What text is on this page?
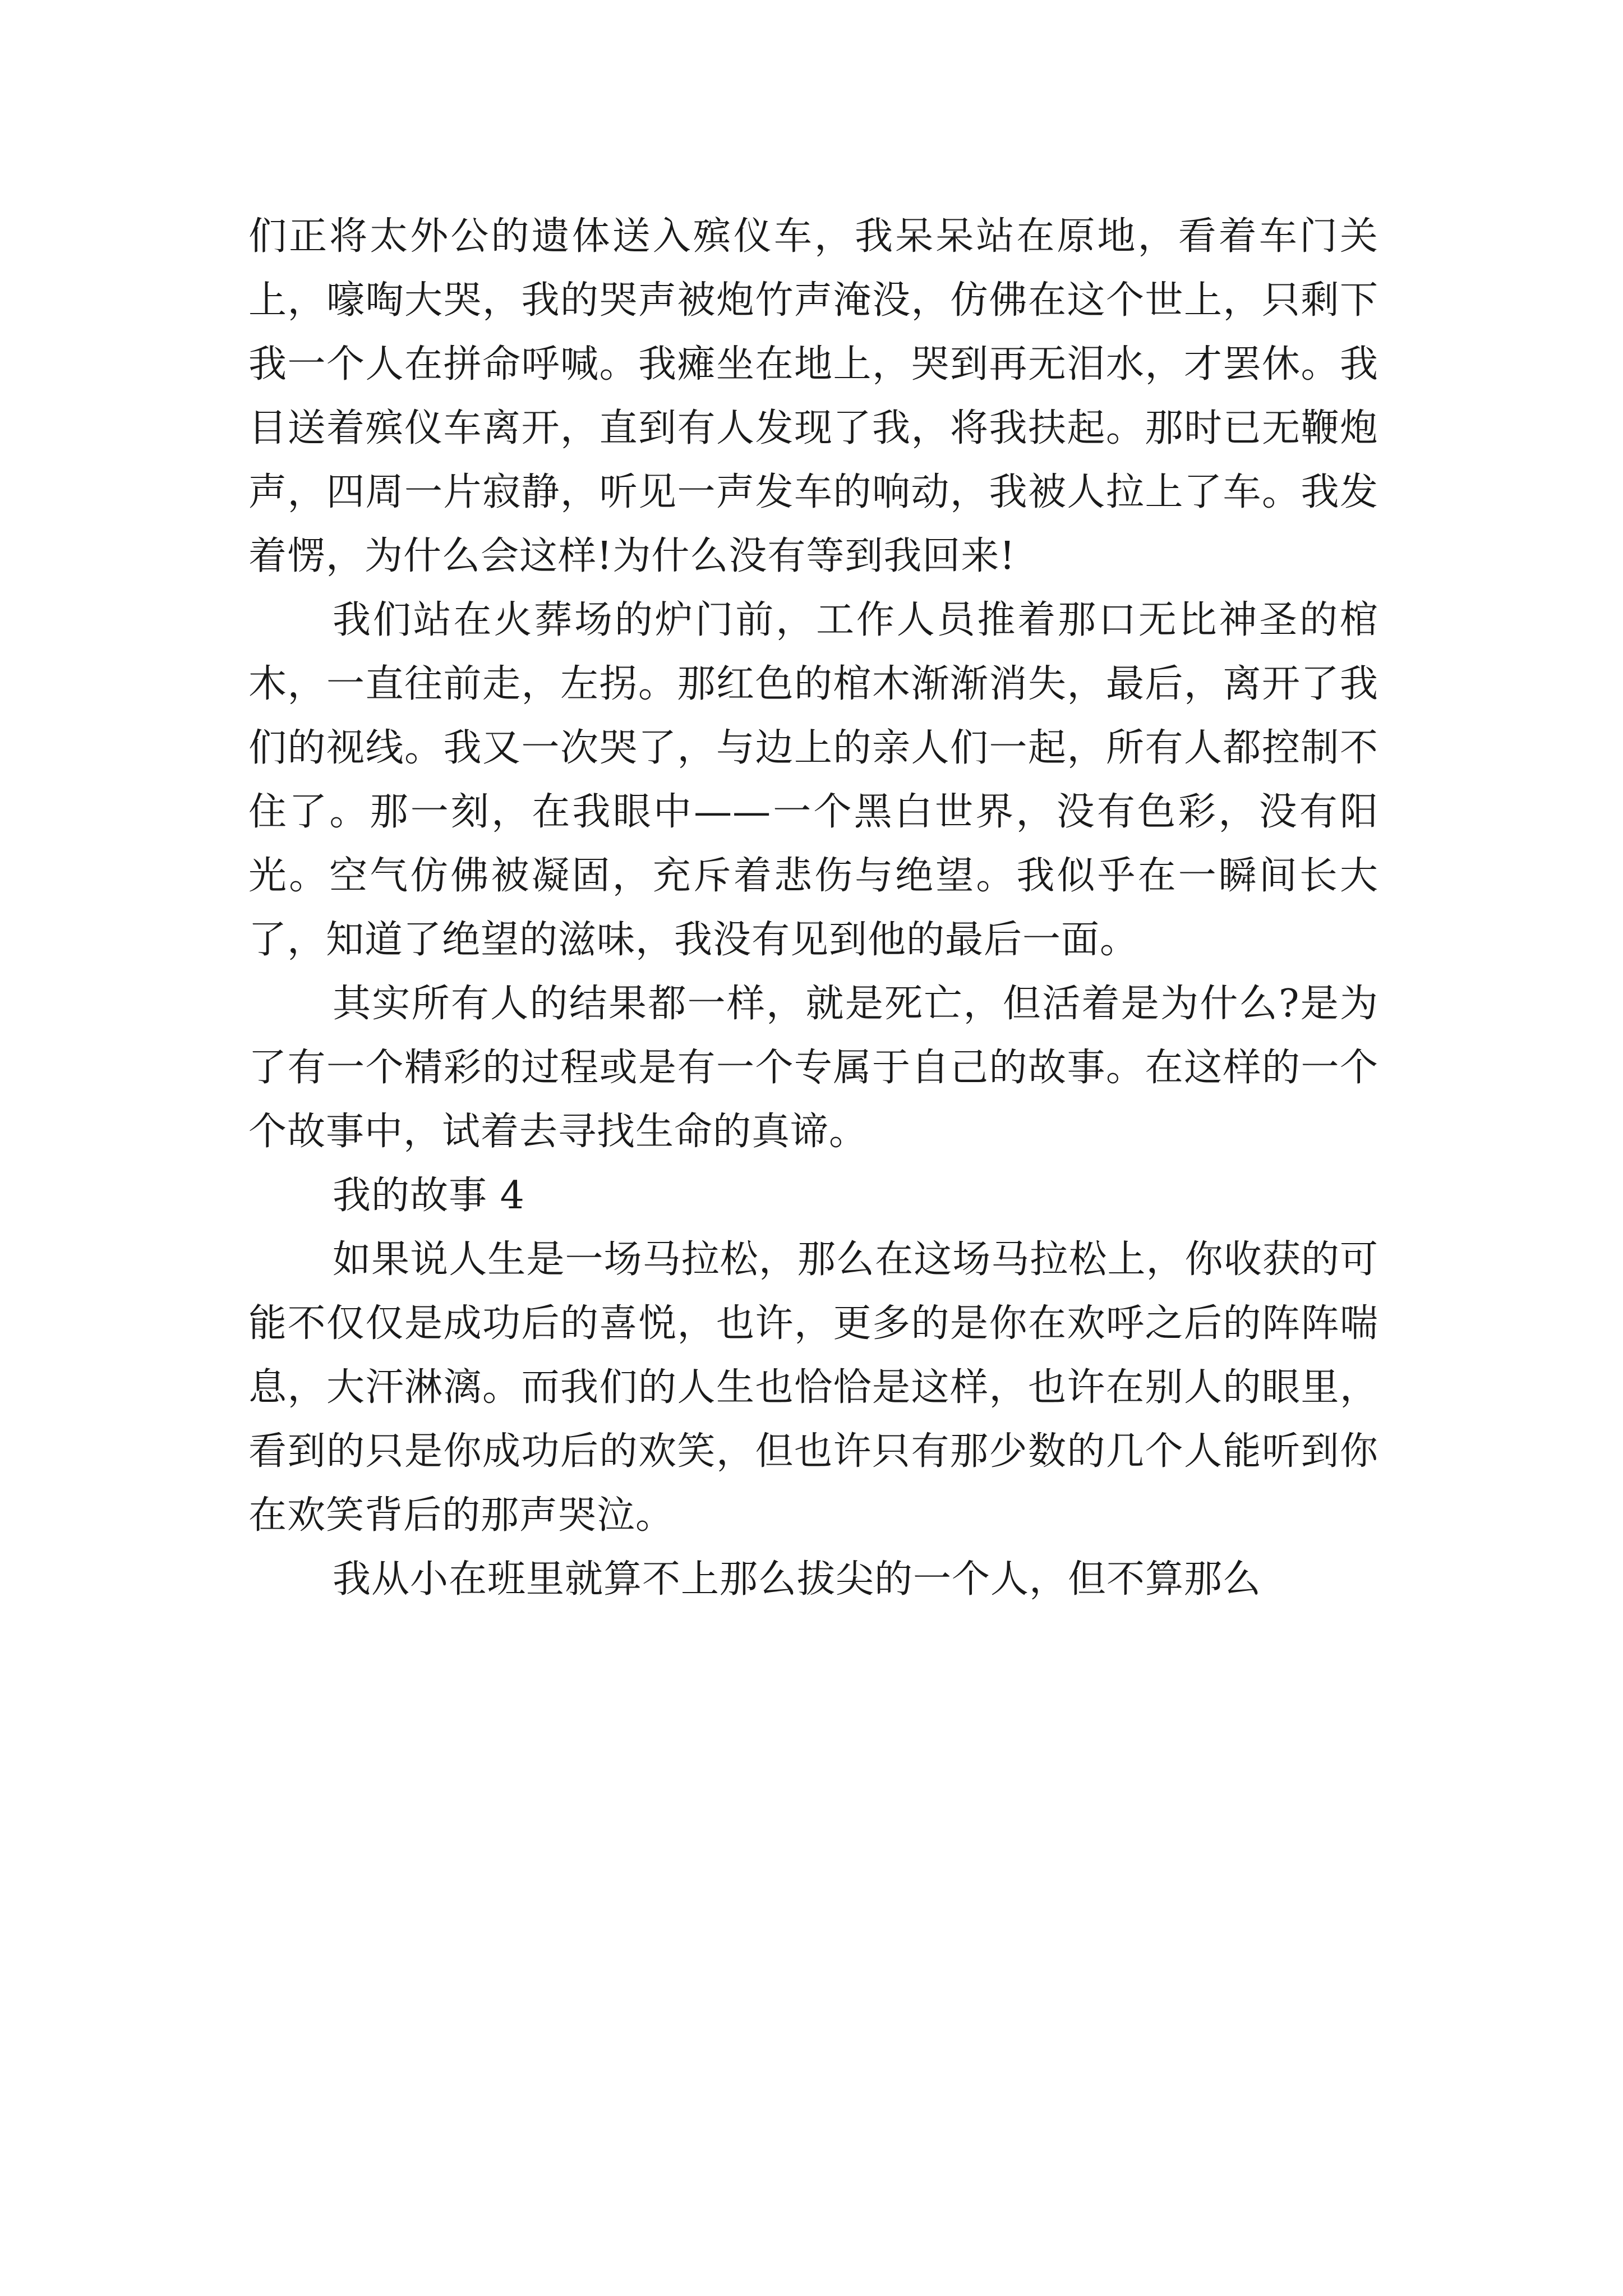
们正将太外公的遗体送入殡仪车，我呆呆站在原地，看着车门关上，嚎啕大哭，我的哭声被炮竹声淹没，仿佛在这个世上，只剩下我一个人在拼命呼喊。我瘫坐在地上，哭到再无泪水，才罢休。我目送着殡仪车离开，直到有人发现了我，将我扶起。那时已无鞭炮声，四周一片寂静，听见一声发车的响动，我被人拉上了车。我发着愣，为什么会这样!为什么没有等到我回来!

我们站在火葬场的炉门前，工作人员推着那口无比神圣的棺木，一直往前走，左拐。那红色的棺木渐渐消失，最后，离开了我们的视线。我又一次哭了，与边上的亲人们一起，所有人都控制不住了。那一刻，在我眼中——一个黑白世界，没有色彩，没有阳光。空气仿佛被凝固，充斥着悲伤与绝望。我似乎在一瞬间长大了，知道了绝望的滋味，我没有见到他的最后一面。

其实所有人的结果都一样，就是死亡，但活着是为什么?是为了有一个精彩的过程或是有一个专属于自己的故事。在这样的一个个故事中，试着去寻找生命的真谛。

我的故事 4

如果说人生是一场马拉松，那么在这场马拉松上，你收获的可能不仅仅是成功后的喜悦，也许，更多的是你在欢呼之后的阵阵喘息，大汗淋漓。而我们的人生也恰恰是这样，也许在别人的眼里，看到的只是你成功后的欢笑，但也许只有那少数的几个人能听到你在欢笑背后的那声哭泣。

我从小在班里就算不上那么拔尖的一个人，但不算那么
